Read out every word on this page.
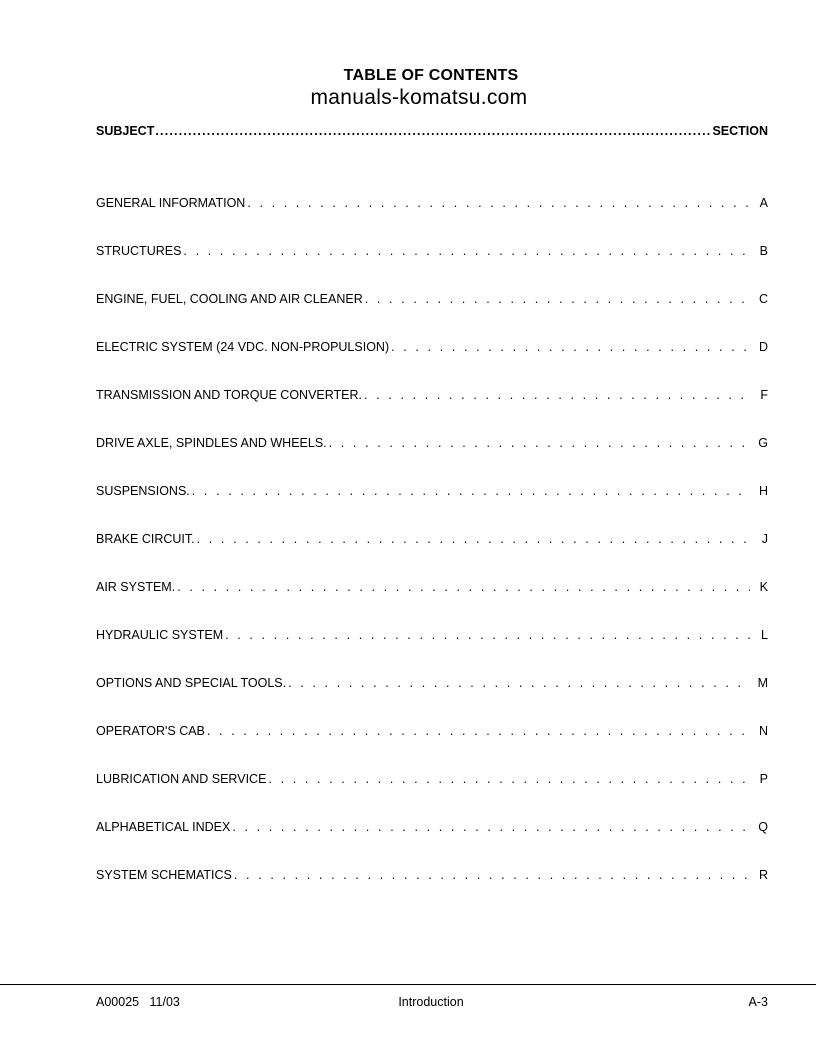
TABLE OF CONTENTS
manuals-komatsu.com
SUBJECT .....	SECTION
GENERAL INFORMATION . . .	A
STRUCTURES . . .	B
ENGINE, FUEL, COOLING AND AIR CLEANER . . .	C
ELECTRIC SYSTEM (24 VDC. NON-PROPULSION) . . .	D
TRANSMISSION AND TORQUE CONVERTER. . . .	F
DRIVE AXLE, SPINDLES AND WHEELS. . . .	G
SUSPENSIONS. . . .	H
BRAKE CIRCUIT. . . .	J
AIR SYSTEM. . . .	K
HYDRAULIC SYSTEM . . .	L
OPTIONS AND SPECIAL TOOLS. . . .	M
OPERATOR'S CAB . . .	N
LUBRICATION AND SERVICE . . .	P
ALPHABETICAL INDEX . . .	Q
SYSTEM SCHEMATICS . . .	R
A00025   11/03	Introduction	A-3
